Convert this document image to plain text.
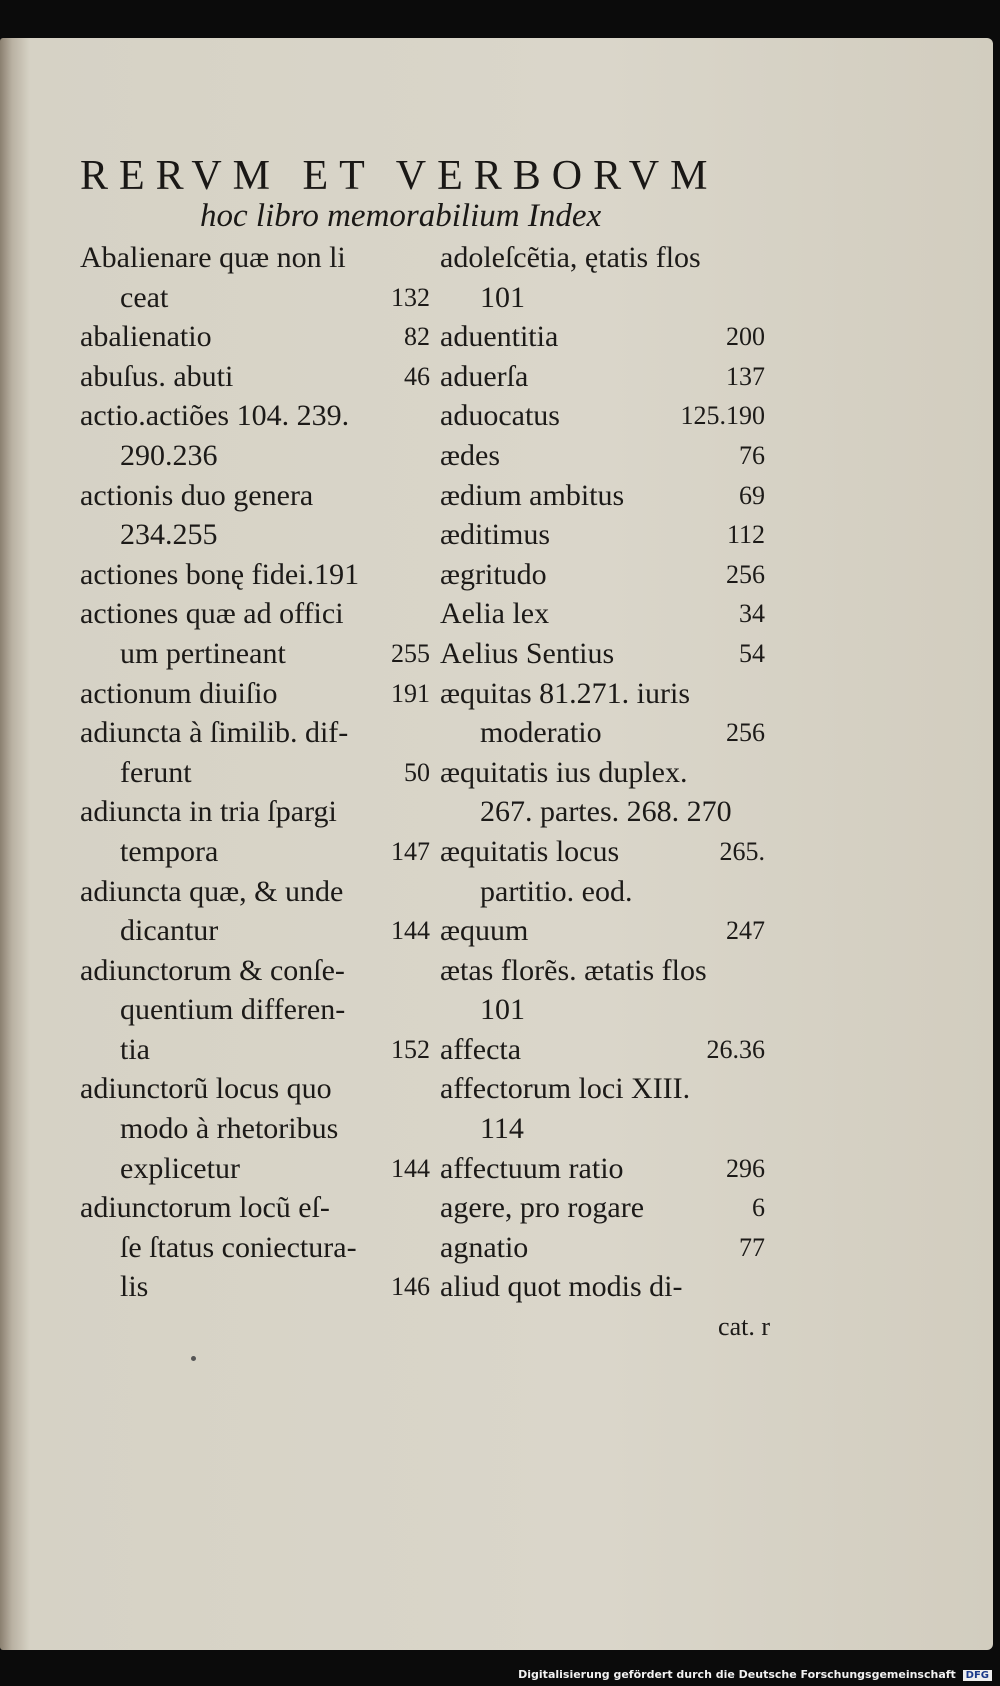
RERVM ET VERBORVM
hoc libro memorabilium Index
Abalienare quæ non li
ceat	132
abalienatio	82
abuſus. abuti	46
actio.actiões 104. 239.
290.236
actionis duo genera
234.255
actiones bonę fidei.191
actiones quæ ad offici
um pertineant	255
actionum diuiſio	191
adiuncta à ſimilib. dif-
ferunt	50
adiuncta in tria ſpargi
tempora	147
adiuncta quæ, & unde
dicantur	144
adiunctorum & conſe-
quentium differen-
tia	152
adiunctorũ locus quo
modo à rhetoribus
explicetur	144
adiunctorum locũ eſ-
ſe ſtatus coniectura-
lis	146
adoleſcẽtia, ętatis flos
101
aduentitia	200
aduerſa	137
aduocatus	125.190
ædes	76
ædium ambitus	69
æditimus	112
ægritudo	256
Aelia lex	34
Aelius Sentius	54
æquitas 81.271. iuris
moderatio	256
æquitatis ius duplex.
267. partes. 268. 270
æquitatis locus	265.
partitio. eod.
æquum	247
ætas florẽs. ætatis flos
101
affecta	26.36
affectorum loci XIII.
114
affectuum ratio	296
agere, pro rogare	6
agnatio	77
aliud quot modis di-
cat. r
Digitalisierung gefördert durch die Deutsche Forschungsgemeinschaft DFG
